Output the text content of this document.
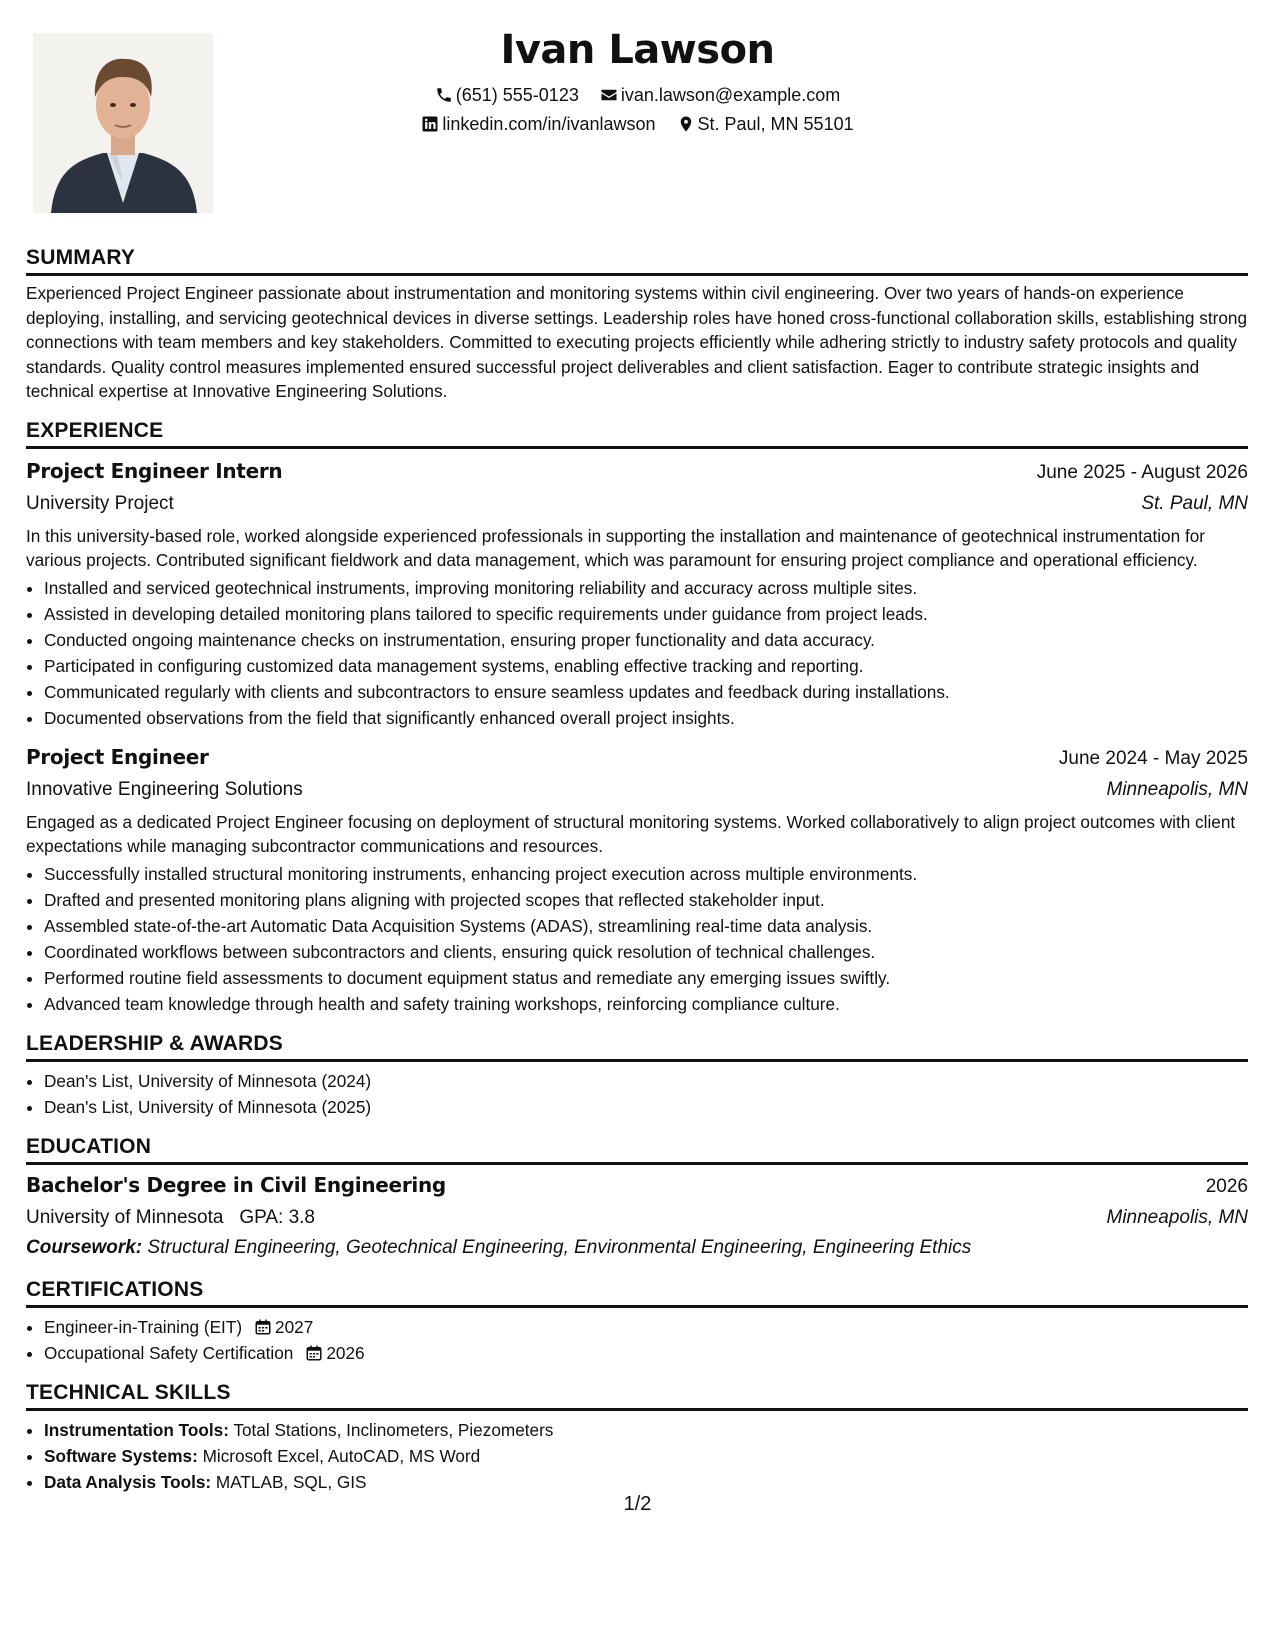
Ivan Lawson
(651) 555-0123 ivan.lawson@example.com
linkedin.com/in/ivanlawson St. Paul, MN 55101
SUMMARY

Experienced Project Engineer passionate about instrumentation and monitoring systems within civil engineering. Over two years of hands-on experience deploying, installing, and servicing geotechnical devices in diverse settings. Leadership roles have honed cross-functional collaboration skills, establishing strong connections with team members and key stakeholders. Committed to executing projects efficiently while adhering strictly to industry safety protocols and quality standards. Quality control measures implemented ensured successful project deliverables and client satisfaction. Eager to contribute strategic insights and technical expertise at Innovative Engineering Solutions.

EXPERIENCE
Project Engineer Intern	June 2025 - August 2026
University Project	St. Paul, MN

In this university-based role, worked alongside experienced professionals in supporting the installation and maintenance of geotechnical instrumentation for various projects. Contributed significant fieldwork and data management, which was paramount for ensuring project compliance and operational efficiency.

• Installed and serviced geotechnical instruments, improving monitoring reliability and accuracy across multiple sites.
• Assisted in developing detailed monitoring plans tailored to specific requirements under guidance from project leads.
• Conducted ongoing maintenance checks on instrumentation, ensuring proper functionality and data accuracy.
• Participated in configuring customized data management systems, enabling effective tracking and reporting.
• Communicated regularly with clients and subcontractors to ensure seamless updates and feedback during installations.
• Documented observations from the field that significantly enhanced overall project insights.
Project Engineer	June 2024 - May 2025
Innovative Engineering Solutions	Minneapolis, MN

Engaged as a dedicated Project Engineer focusing on deployment of structural monitoring systems. Worked collaboratively to align project outcomes with client expectations while managing subcontractor communications and resources.

• Successfully installed structural monitoring instruments, enhancing project execution across multiple environments.
• Drafted and presented monitoring plans aligning with projected scopes that reflected stakeholder input.
• Assembled state-of-the-art Automatic Data Acquisition Systems (ADAS), streamlining real-time data analysis.
• Coordinated workflows between subcontractors and clients, ensuring quick resolution of technical challenges.
• Performed routine field assessments to document equipment status and remediate any emerging issues swiftly.
• Advanced team knowledge through health and safety training workshops, reinforcing compliance culture.
LEADERSHIP & AWARDS
• Dean's List, University of Minnesota (2024)
• Dean's List, University of Minnesota (2025)
EDUCATION
Bachelor's Degree in Civil Engineering	2026
University of Minnesota GPA: 3.8	Minneapolis, MN
Coursework: Structural Engineering, Geotechnical Engineering, Environmental Engineering, Engineering Ethics
CERTIFICATIONS
• Engineer-in-Training (EIT) 2027
• Occupational Safety Certification 2026
TECHNICAL SKILLS
• Instrumentation Tools: Total Stations, Inclinometers, Piezometers
• Software Systems: Microsoft Excel, AutoCAD, MS Word
• Data Analysis Tools: MATLAB, SQL, GIS
1/2
